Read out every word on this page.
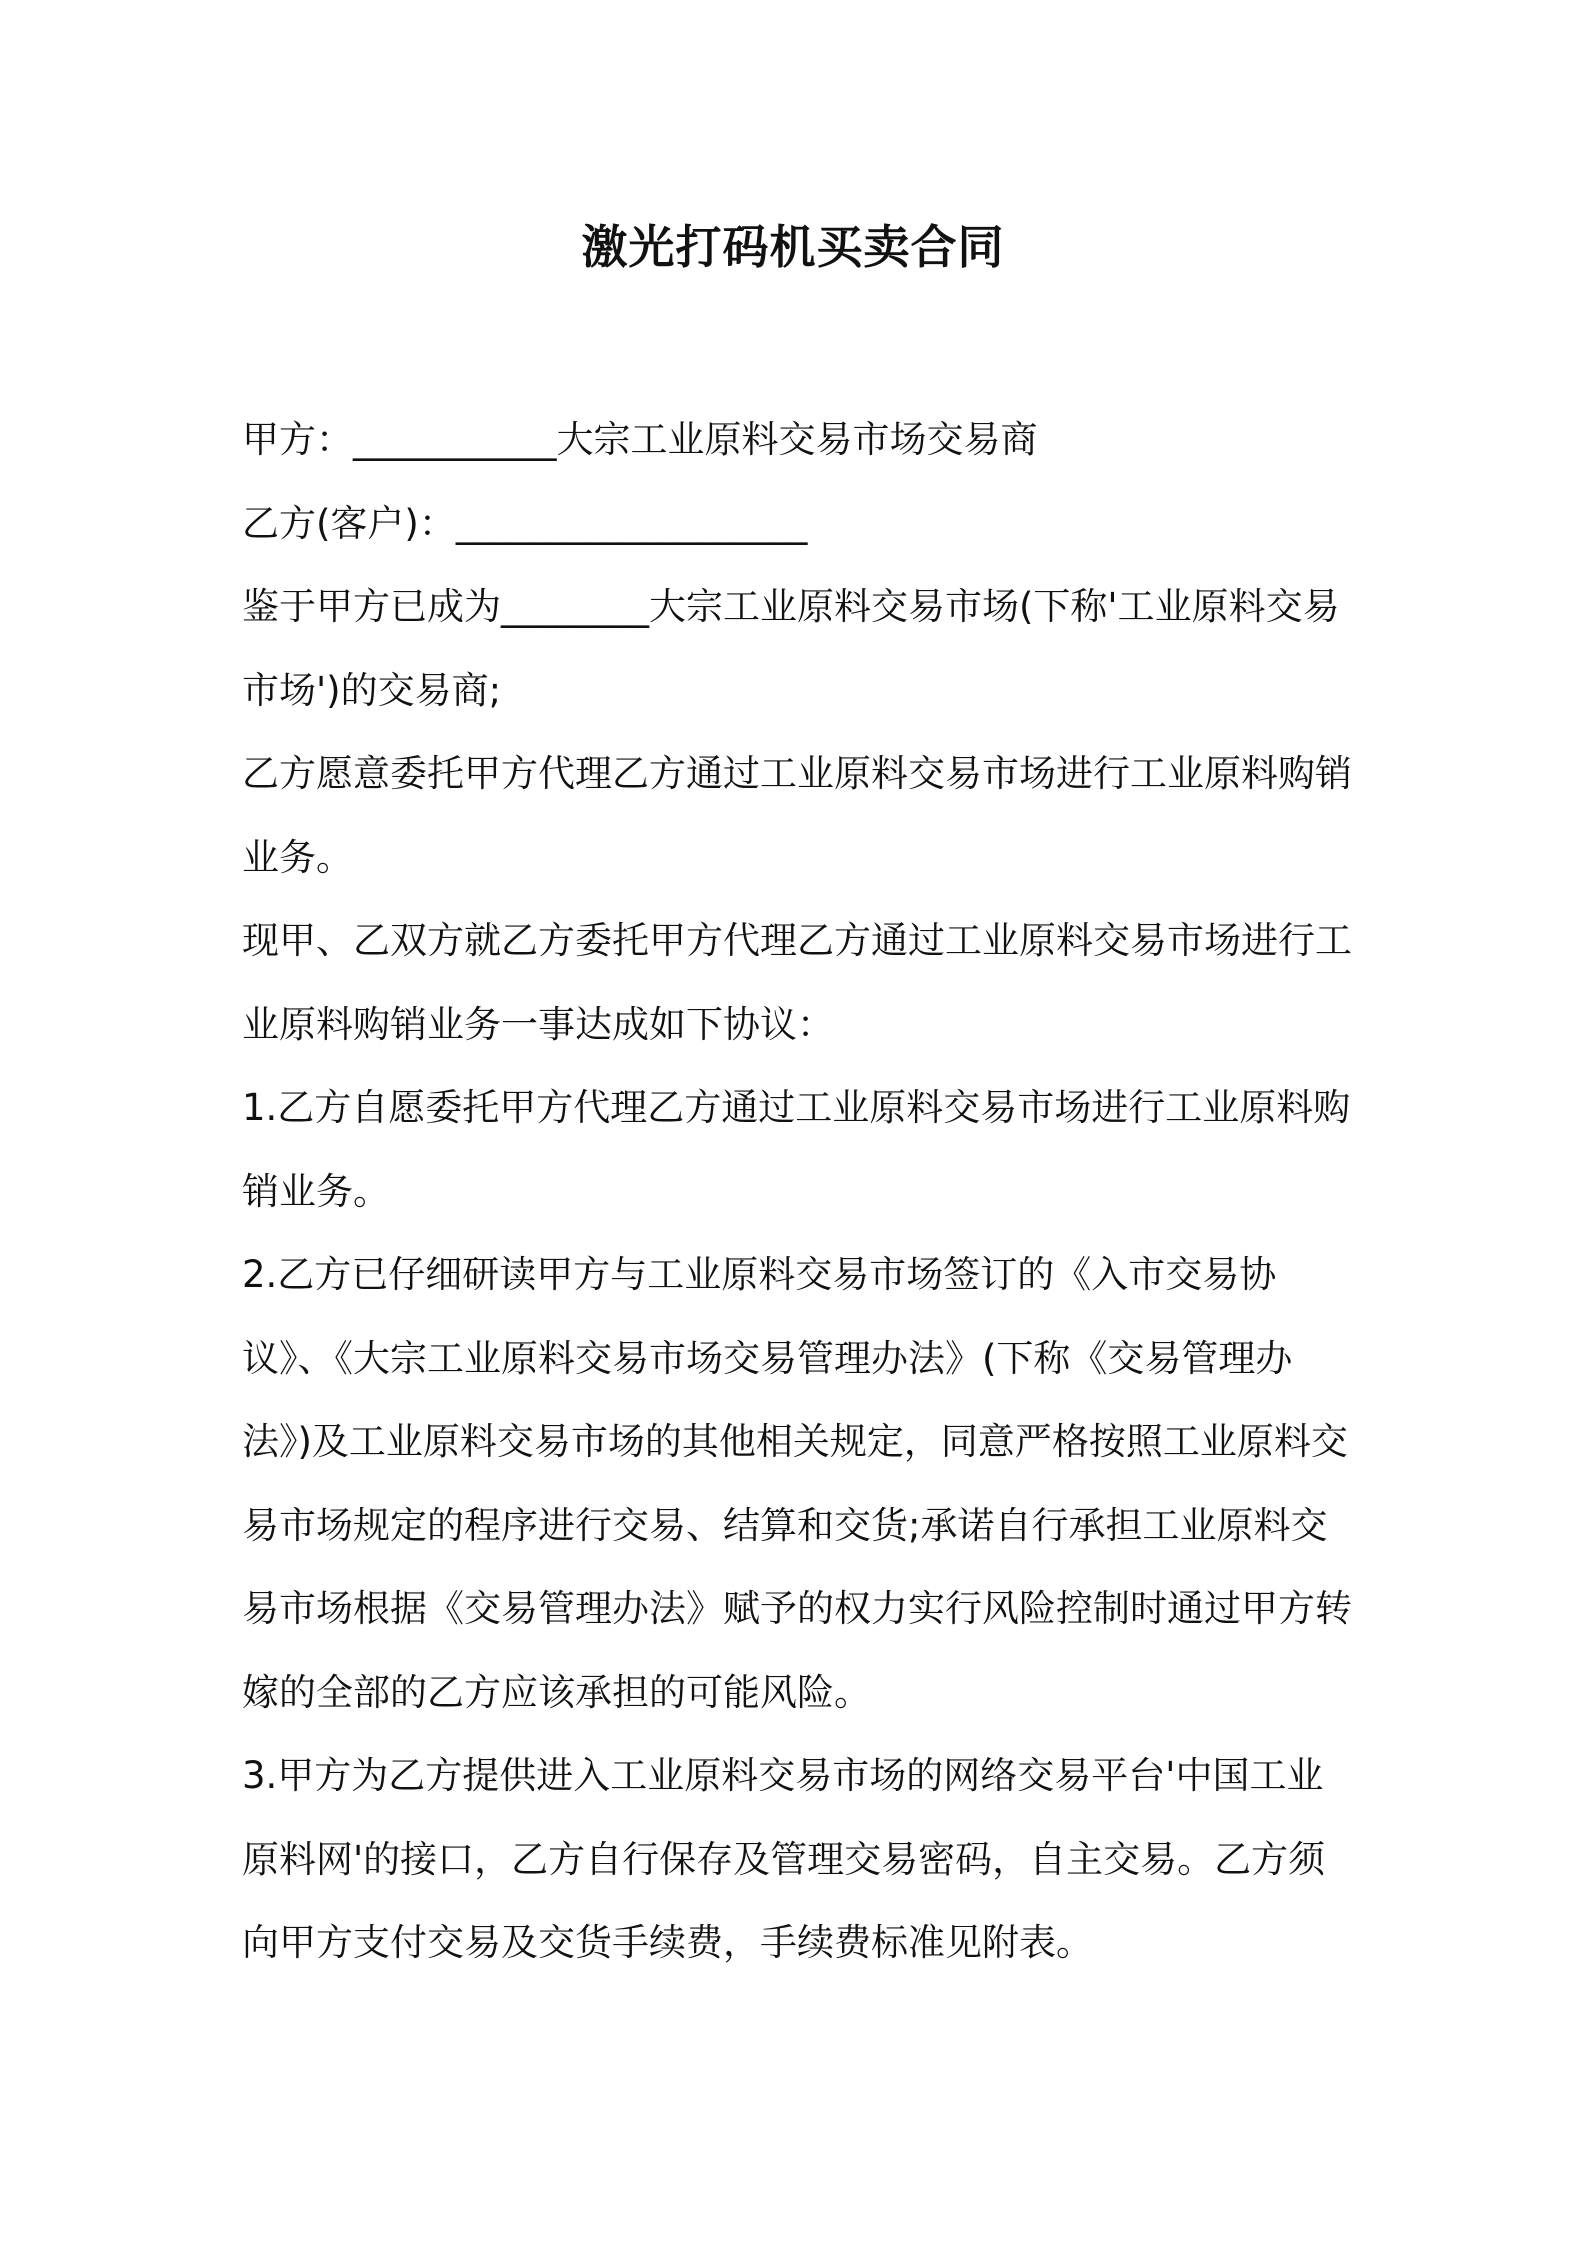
激光打码机买卖合同

甲方：___________大宗工业原料交易市场交易商

乙方(客户)：___________________

鉴于甲方已成为________大宗工业原料交易市场(下称'工业原料交易市场')的交易商;

乙方愿意委托甲方代理乙方通过工业原料交易市场进行工业原料购销业务。

现甲、乙双方就乙方委托甲方代理乙方通过工业原料交易市场进行工业原料购销业务一事达成如下协议：

1.乙方自愿委托甲方代理乙方通过工业原料交易市场进行工业原料购销业务。

2.乙方已仔细研读甲方与工业原料交易市场签订的《入市交易协议》、《大宗工业原料交易市场交易管理办法》(下称《交易管理办法》)及工业原料交易市场的其他相关规定，同意严格按照工业原料交易市场规定的程序进行交易、结算和交货;承诺自行承担工业原料交易市场根据《交易管理办法》赋予的权力实行风险控制时通过甲方转嫁的全部的乙方应该承担的可能风险。

3.甲方为乙方提供进入工业原料交易市场的网络交易平台'中国工业原料网'的接口，乙方自行保存及管理交易密码，自主交易。乙方须向甲方支付交易及交货手续费，手续费标准见附表。
